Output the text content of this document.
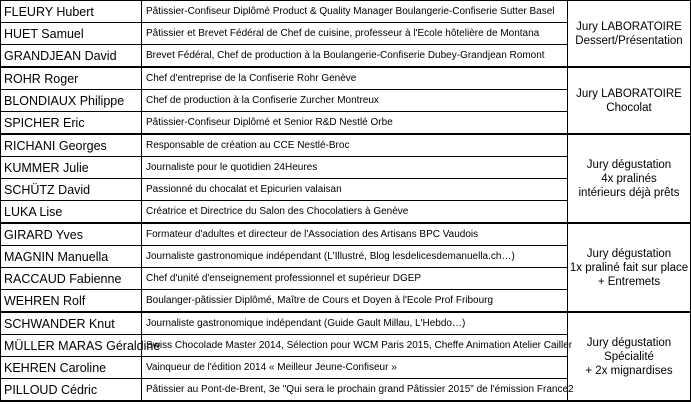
FLEURY Hubert	Pâtissier-Confiseur Diplômé Product & Quality Manager Boulangerie-Confiserie Sutter Basel	Jury LABORATOIRE
Dessert/Présentation

HUET Samuel	Pâtissier et Brevet Fédéral de Chef de cuisine, professeur à l'Ecole hôtelière de Montana	
GRANDJEAN David	Brevet Fédéral, Chef de production à la Boulangerie-Confiserie Dubey-Grandjean Romont	
ROHR Roger	Chef d'entreprise de la Confiserie Rohr Genève	Jury LABORATOIRE
Chocolat

BLONDIAUX Philippe	Chef de production à la Confiserie Zurcher Montreux	
SPICHER Eric	Pâtissier-Confiseur Diplômé et Senior R&D Nestlé Orbe	
RICHANI Georges	Responsable de création au CCE Nestlé-Broc	Jury dégustation
4x pralinés
intérieurs déjà prêts

KUMMER Julie	Journaliste pour le quotidien 24Heures	
SCHÜTZ David	Passionné du chocalat et Epicurien valaisan	
LUKA Lise	Créatrice et Directrice du Salon des Chocolatiers à Genève	
GIRARD Yves	Formateur d'adultes et directeur de l'Association des Artisans BPC Vaudois	Jury dégustation
1x praliné fait sur place
+ Entremets

MAGNIN Manuella	Journaliste gastronomique indépendant (L'Illustré, Blog lesdelicesdemanuella.ch…)	
RACCAUD Fabienne	Chef d'unité d'enseignement professionnel et supérieur DGEP	
WEHREN Rolf	Boulanger-pâtissier Diplômé, Maître de Cours et Doyen à l'Ecole Prof Fribourg	
SCHWANDER Knut	Journaliste gastronomique indépendant (Guide Gault Millau, L'Hebdo…)	Jury dégustation
Spécialité
+ 2x mignardises

MÜLLER MARAS Géraldine	Swiss Chocolade Master 2014, Sélection pour WCM Paris 2015, Cheffe Animation Atelier Cailler	
KEHREN Caroline	Vainqueur de l'édition 2014 « Meilleur Jeune-Confiseur »	
PILLOUD Cédric	Pâtissier au Pont-de-Brent, 3e "Qui sera le prochain grand Pâtissier 2015" de l'émission France2	
